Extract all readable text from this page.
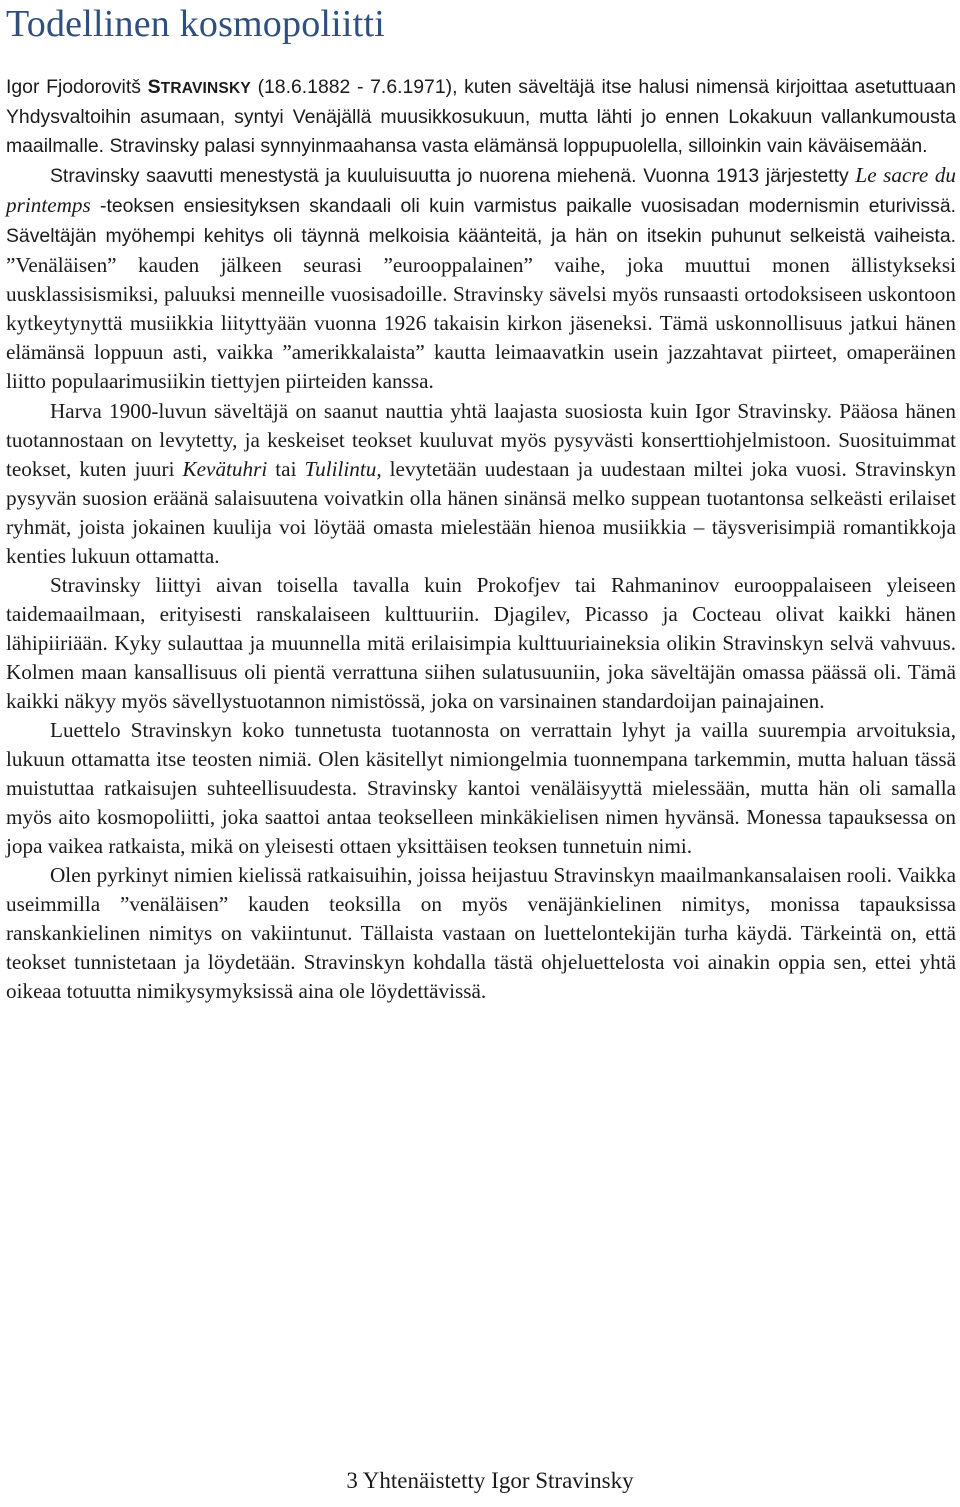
Todellinen kosmopoliitti

Igor Fjodorovitš STRAVINSKY (18.6.1882 - 7.6.1971), kuten säveltäjä itse halusi nimensä kirjoittaa asetuttuaan Yhdysvaltoihin asumaan, syntyi Venäjällä muusikkosukuun, mutta lähti jo ennen Lokakuun vallankumousta maailmalle. Stravinsky palasi synnyinmaahansa vasta elämänsä loppupuolella, silloinkin vain käväisemään.

Stravinsky saavutti menestystä ja kuuluisuutta jo nuorena miehenä. Vuonna 1913 järjestetty Le sacre du printemps -teoksen ensiesityksen skandaali oli kuin varmistus paikalle vuosisadan modernismin eturivissä. Säveltäjän myöhempi kehitys oli täynnä melkoisia käänteitä, ja hän on itsekin puhunut selkeistä vaiheista. ”Venäläisen” kauden jälkeen seurasi ”eurooppalainen” vaihe, joka muuttui monen ällistykseksi uusklassisismiksi, paluuksi menneille vuosisadoille. Stravinsky sävelsi myös runsaasti ortodoksiseen uskontoon kytkeytynyttä musiikkia liityttyään vuonna 1926 takaisin kirkon jäseneksi. Tämä uskonnollisuus jatkui hänen elämänsä loppuun asti, vaikka ”amerikkalaista” kautta leimaavatkin usein jazzahtavat piirteet, omaperäinen liitto populaarimusiikin tiettyjen piirteiden kanssa.

Harva 1900-luvun säveltäjä on saanut nauttia yhtä laajasta suosiosta kuin Igor Stravinsky. Pääosa hänen tuotannostaan on levytetty, ja keskeiset teokset kuuluvat myös pysyvästi konserttiohjelmistoon. Suosituimmat teokset, kuten juuri Kevätuhri tai Tulilintu, levytetään uudestaan ja uudestaan miltei joka vuosi. Stravinskyn pysyvän suosion eräänä salaisuutena voivatkin olla hänen sinänsä melko suppean tuotantonsa selkeästi erilaiset ryhmät, joista jokainen kuulija voi löytää omasta mielestään hienoa musiikkia – täysverisimpiä romantikkoja kenties lukuun ottamatta.

Stravinsky liittyi aivan toisella tavalla kuin Prokofjev tai Rahmaninov eurooppalaiseen yleiseen taidemaailmaan, erityisesti ranskalaiseen kulttuuriin. Djagilev, Picasso ja Cocteau olivat kaikki hänen lähipiiriään. Kyky sulauttaa ja muunnella mitä erilaisimpia kulttuuriaineksia olikin Stravinskyn selvä vahvuus. Kolmen maan kansallisuus oli pientä verrattuna siihen sulatusuuniin, joka säveltäjän omassa päässä oli. Tämä kaikki näkyy myös sävellystuotannon nimistössä, joka on varsinainen standardoijan painajainen.

Luettelo Stravinskyn koko tunnetusta tuotannosta on verrattain lyhyt ja vailla suurempia arvoituksia, lukuun ottamatta itse teosten nimiä. Olen käsitellyt nimiongelmia tuonnempana tarkemmin, mutta haluan tässä muistuttaa ratkaisujen suhteellisuudesta. Stravinsky kantoi venäläisyyttä mielessään, mutta hän oli samalla myös aito kosmopoliitti, joka saattoi antaa teokselleen minkäkielisen nimen hyvänsä. Monessa tapauksessa on jopa vaikea ratkaista, mikä on yleisesti ottaen yksittäisen teoksen tunnetuin nimi.

Olen pyrkinyt nimien kielissä ratkaisuihin, joissa heijastuu Stravinskyn maailmankansalaisen rooli. Vaikka useimmilla ”venäläisen” kauden teoksilla on myös venäjänkielinen nimitys, monissa tapauksissa ranskankielinen nimitys on vakiintunut. Tällaista vastaan on luettelontekijän turha käydä. Tärkeintä on, että teokset tunnistetaan ja löydetään. Stravinskyn kohdalla tästä ohjeluettelosta voi ainakin oppia sen, ettei yhtä oikeaa totuutta nimikysymyksissä aina ole löydettävissä.

3 Yhtenäistetty Igor Stravinsky
